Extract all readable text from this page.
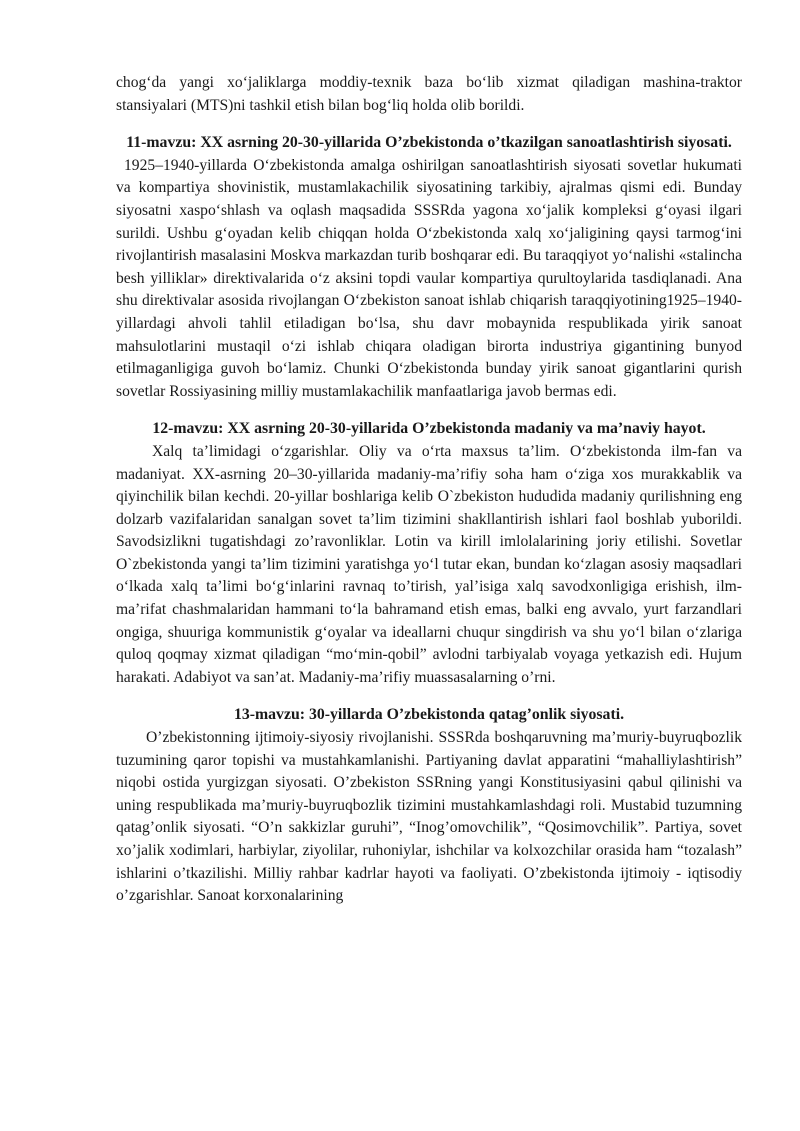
chog‘da yangi xo‘jaliklarga moddiy-texnik baza bo‘lib xizmat qiladigan mashina-traktor stansiyalari (MTS)ni tashkil etish bilan bog‘liq holda olib borildi.

11-mavzu: XX asrning 20-30-yillarida O’zbekistonda o’tkazilgan sanoatlashtirish siyosati.

1925–1940-yillarda O‘zbekistonda amalga oshirilgan sanoatlashtirish siyosati sovetlar hukumati va kompartiya shovinistik, mustamlakachilik siyosatining tarkibiy, ajralmas qismi edi. Bunday siyosatni xaspo‘shlash va oqlash maqsadida SSSRda yagona xo‘jalik kompleksi g‘oyasi ilgari surildi. Ushbu g‘oyadan kelib chiqqan holda O‘zbekistonda xalq xo‘jaligining qaysi tarmog‘ini rivojlantirish masalasini Moskva markazdan turib boshqarar edi. Bu taraqqiyot yo‘nalishi «stalincha besh yilliklar» direktivalarida o‘z aksini topdi vaular kompartiya qurultoylarida tasdiqlanadi. Ana shu direktivalar asosida rivojlangan O‘zbekiston sanoat ishlab chiqarish taraqqiyotining1925–1940-yillardagi ahvoli tahlil etiladigan bo‘lsa, shu davr mobaynida respublikada yirik sanoat mahsulotlarini mustaqil o‘zi ishlab chiqara oladigan birorta industriya gigantining bunyod etilmaganligiga guvoh bo‘lamiz. Chunki O‘zbekistonda bunday yirik sanoat gigantlarini qurish sovetlar Rossiyasining milliy mustamlakachilik manfaatlariga javob bermas edi.

12-mavzu: XX asrning 20-30-yillarida O’zbekistonda madaniy va ma’naviy hayot.

Xalq ta’limidagi o‘zgarishlar. Oliy va o‘rta maxsus ta’lim. O‘zbekistonda ilm-fan va madaniyat. XX-asrning 20–30-yillarida madaniy-ma’rifiy soha ham o‘ziga xos murakkablik va qiyinchilik bilan kechdi. 20-yillar boshlariga kelib O`zbekiston hududida madaniy qurilishning eng dolzarb vazifalaridan sanalgan sovet ta’lim tizimini shakllantirish ishlari faol boshlab yuborildi. Savodsizlikni tugatishdagi zo’ravonliklar. Lotin va kirill imlolalarining joriy etilishi. Sovetlar O`zbekistonda yangi ta’lim tizimini yaratishga yo‘l tutar ekan, bundan ko‘zlagan asosiy maqsadlari o‘lkada xalq ta’limi bo‘g‘inlarini ravnaq to’tirish, yal’isiga xalq savodxonligiga erishish, ilm-ma’rifat chashmalaridan hammani to‘la bahramand etish emas, balki eng avvalo, yurt farzandlari ongiga, shuuriga kommunistik g‘oyalar va ideallarni chuqur singdirish va shu yo‘l bilan o‘zlariga quloq qoqmay xizmat qiladigan “mo‘min-qobil” avlodni tarbiyalab voyaga yetkazish edi. Hujum harakati. Adabiyot va san’at. Madaniy-ma’rifiy muassasalarning o’rni.

13-mavzu: 30-yillarda O’zbekistonda qatag’onlik siyosati.

O’zbekistonning ijtimoiy-siyosiy rivojlanishi. SSSRda boshqaruvning ma’muriy-buyruqbozlik tuzumining qaror topishi va mustahkamlanishi. Partiyaning davlat apparatini “mahalliylashtirish” niqobi ostida yurgizgan siyosati. O’zbekiston SSRning yangi Konstitusiyasini qabul qilinishi va uning respublikada ma’muriy-buyruqbozlik tizimini mustahkamlashdagi roli. Mustabid tuzumning qatag’onlik siyosati. “O’n sakkizlar guruhi”, “Inog’omovchilik”, “Qosimovchilik”. Partiya, sovet xo’jalik xodimlari, harbiylar, ziyolilar, ruhoniylar, ishchilar va kolxozchilar orasida ham “tozalash” ishlarini o’tkazilishi. Milliy rahbar kadrlar hayoti va faoliyati. O’zbekistonda ijtimoiy - iqtisodiy o’zgarishlar. Sanoat korxonalarining
